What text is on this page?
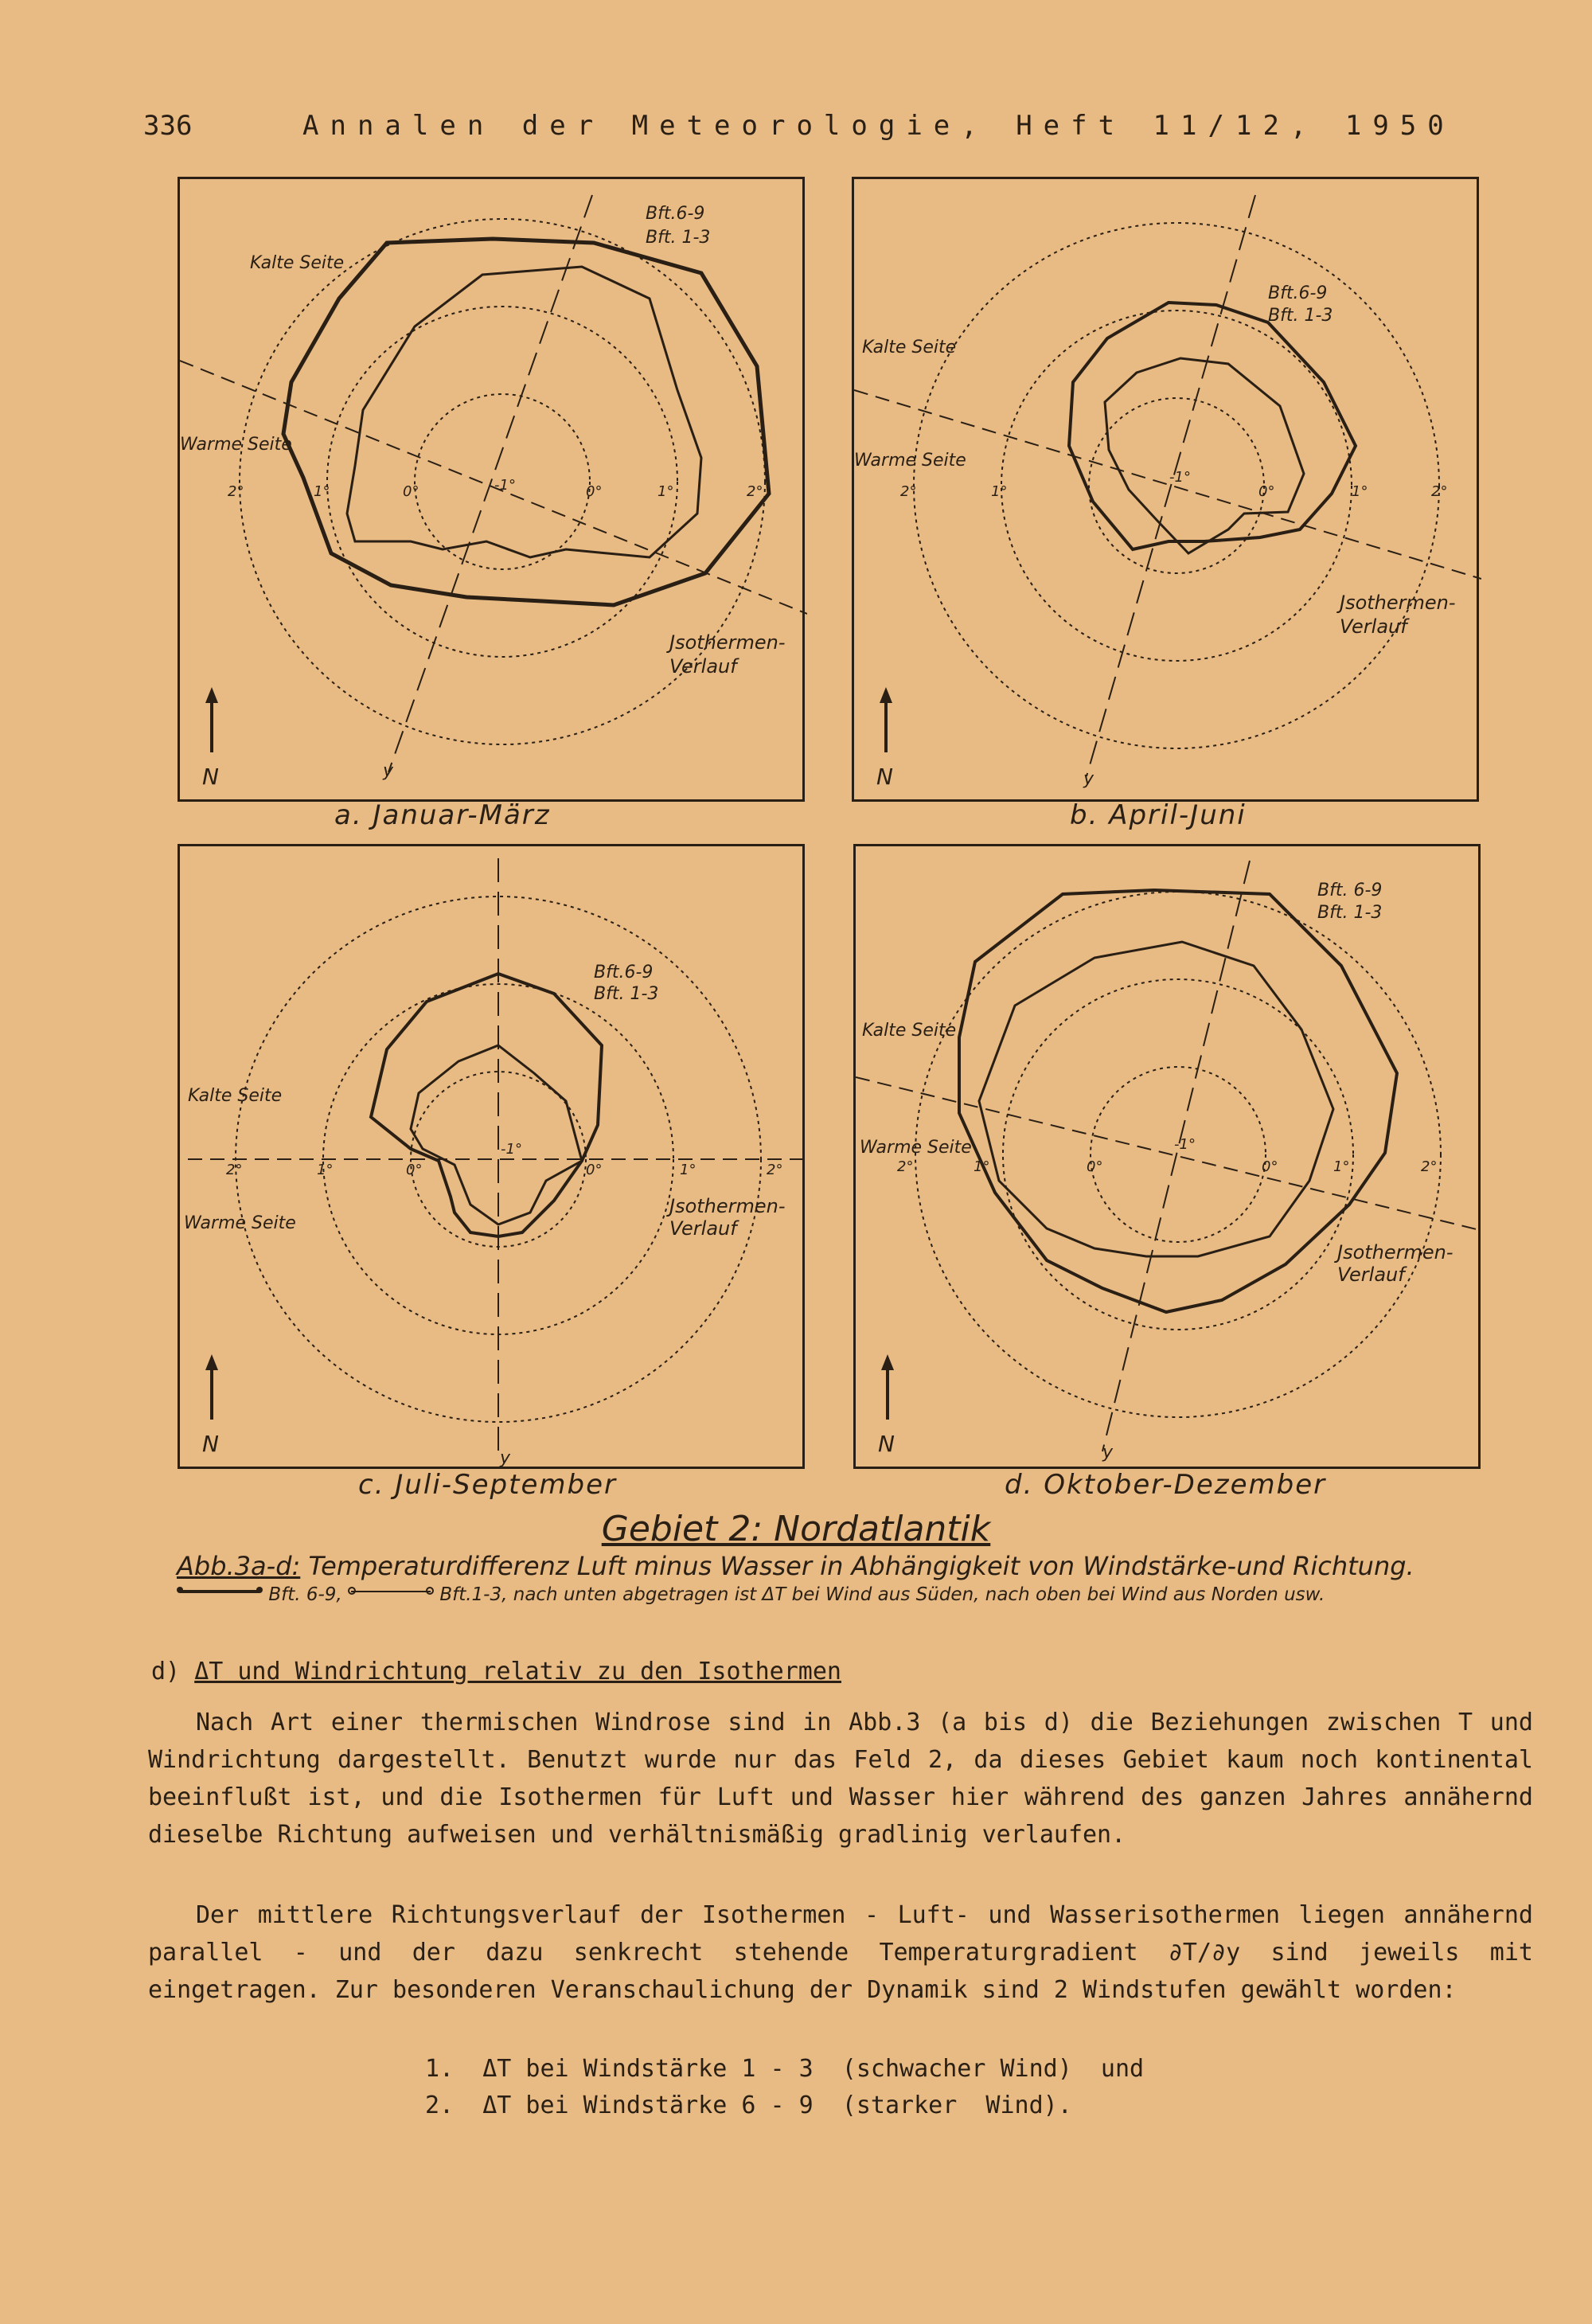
336	Annalen der Meteorologie, Heft 11/12, 1950
Kalte Seite
Warme Seite
Bft.6-9
Bft. 1-3
Jsothermen-
Verlauf
2°	1°	0°	-1°	0°	1°	2°
N	y
a. Januar-März
Kalte Seite
Warme Seite
Bft.6-9
Bft. 1-3
Jsothermen-
Verlauf
2°	1°
-1°
0°	1°	2°
N	y
b. April-Juni
Kalte Seite
Warme Seite
Bft.6-9
Bft. 1-3
Jsothermen-
Verlauf
2°	1°	0°
-1°
0°	1°	2°
N
y
c. Juli-September
Kalte Seite
Warme Seite
Bft. 6-9
Bft. 1-3
Jsothermen-
Verlauf
2°	1°	0°
-1°
0°	1°	2°
N	y
d. Oktober-Dezember
Gebiet 2: Nordatlantik
Abb.3a-d: Temperaturdifferenz Luft minus Wasser in Abhängigkeit von Windstärke-und Richtung.
Bft. 6-9,	Bft.1-3, nach unten abgetragen ist ΔT bei Wind aus Süden, nach oben bei Wind aus Norden usw.
d) ΔT und Windrichtung relativ zu den Isothermen

Nach Art einer thermischen Windrose sind in Abb.3 (a bis d) die Beziehungen zwischen T und Windrichtung dargestellt. Benutzt wurde nur das Feld 2, da dieses Gebiet kaum noch kontinental beeinflußt ist, und die Isothermen für Luft und Wasser hier während des ganzen Jahres annähernd dieselbe Richtung aufweisen und verhältnismäßig gradlinig verlaufen.

Der mittlere Richtungsverlauf der Isothermen - Luft- und Wasserisothermen liegen annähernd parallel - und der dazu senkrecht stehende Temperaturgradient ∂T/∂y sind jeweils mit eingetragen. Zur besonderen Veranschaulichung der Dynamik sind 2 Windstufen gewählt worden:

1.  ΔT bei Windstärke 1 - 3  (schwacher Wind)  und
2.  ΔT bei Windstärke 6 - 9  (starker  Wind).
